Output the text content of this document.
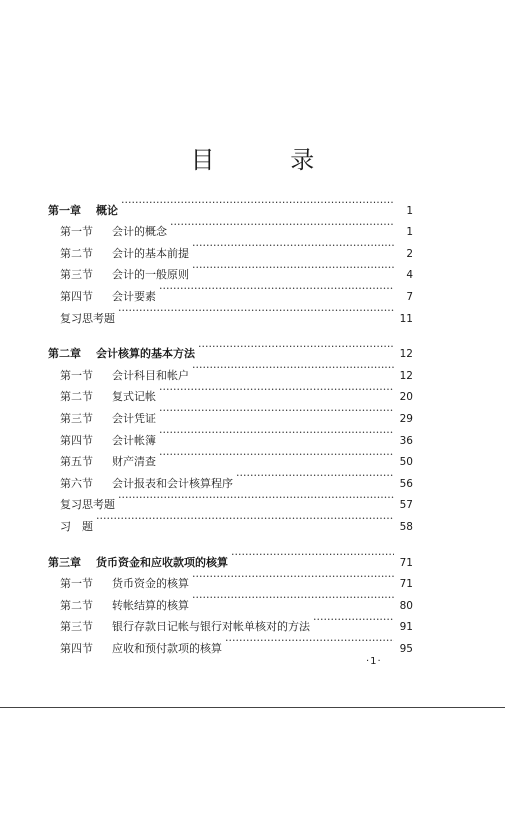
目 录
第一章	概论 ·····	1
第一节	会计的概念 ·····	1
第二节	会计的基本前提 ·····	2
第三节	会计的一般原则 ·····	4
第四节	会计要素 ·····	7
复习思考题 ·····	11
第二章	会计核算的基本方法 ·····	12
第一节	会计科目和帐户 ·····	12
第二节	复式记帐 ·····	20
第三节	会计凭证 ·····	29
第四节	会计帐簿 ·····	36
第五节	财产清查 ·····	50
第六节	会计报表和会计核算程序 ·····	56
复习思考题 ·····	57
习　题 ·····	58
第三章	货币资金和应收款项的核算 ·····	71
第一节	货币资金的核算 ·····	71
第二节	转帐结算的核算 ·····	80
第三节	银行存款日记帐与银行对帐单核对的方法 ·····	91
第四节	应收和预付款项的核算 ·····	95
·1·
